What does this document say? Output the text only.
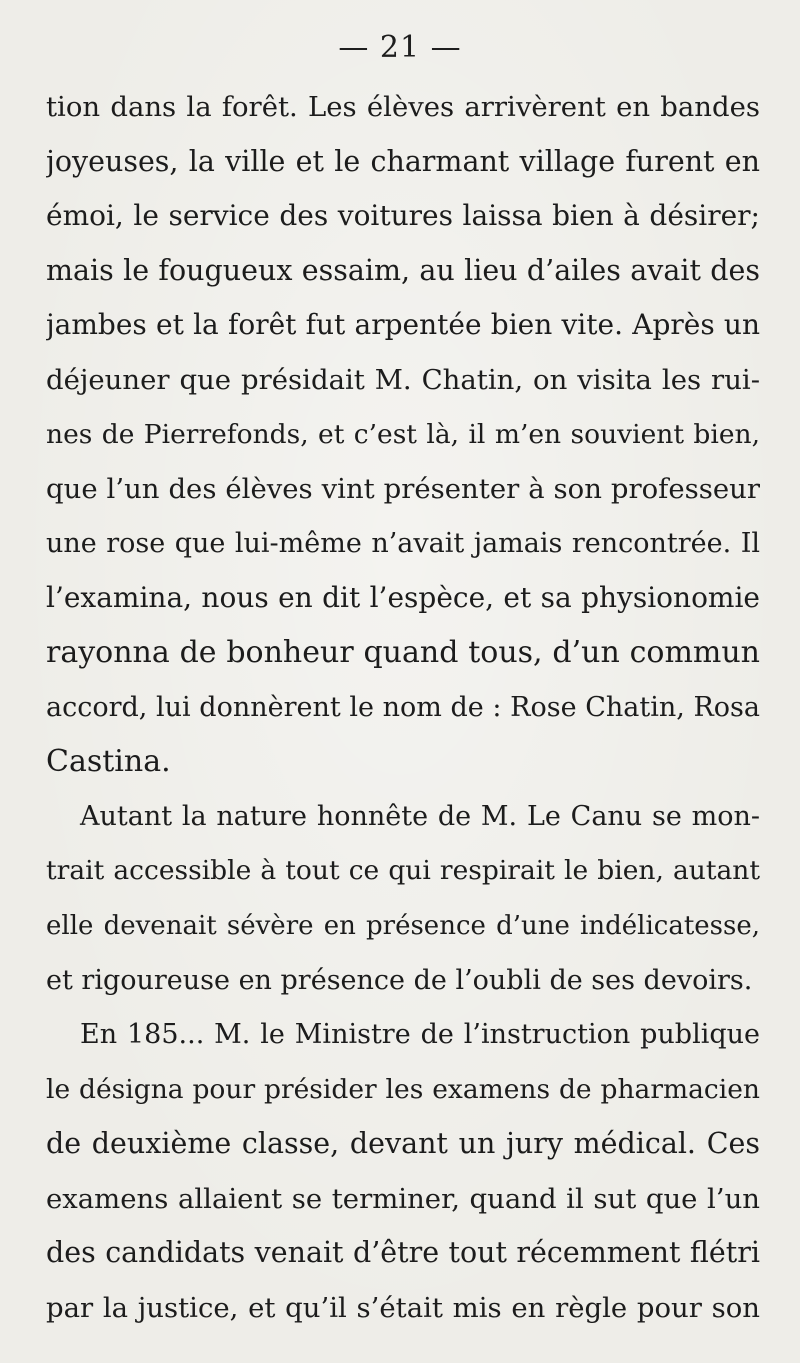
— 21 —
tion dans la forêt. Les élèves arrivèrent en bandes
joyeuses, la ville et le charmant village furent en
émoi, le service des voitures laissa bien à désirer;
mais le fougueux essaim, au lieu d’ailes avait des
jambes et la forêt fut arpentée bien vite. Après un
déjeuner que présidait M. Chatin, on visita les rui-
nes de Pierrefonds, et c’est là, il m’en souvient bien,
que l’un des élèves vint présenter à son professeur
une rose que lui-même n’avait jamais rencontrée. Il
l’examina, nous en dit l’espèce, et sa physionomie
rayonna de bonheur quand tous, d’un commun
accord, lui donnèrent le nom de : Rose Chatin, Rosa
Castina.
Autant la nature honnête de M. Le Canu se mon-
trait accessible à tout ce qui respirait le bien, autant
elle devenait sévère en présence d’une indélicatesse,
et rigoureuse en présence de l’oubli de ses devoirs.
En 185... M. le Ministre de l’instruction publique
le désigna pour présider les examens de pharmacien
de deuxième classe, devant un jury médical. Ces
examens allaient se terminer, quand il sut que l’un
des candidats venait d’être tout récemment flétri
par la justice, et qu’il s’était mis en règle pour son
